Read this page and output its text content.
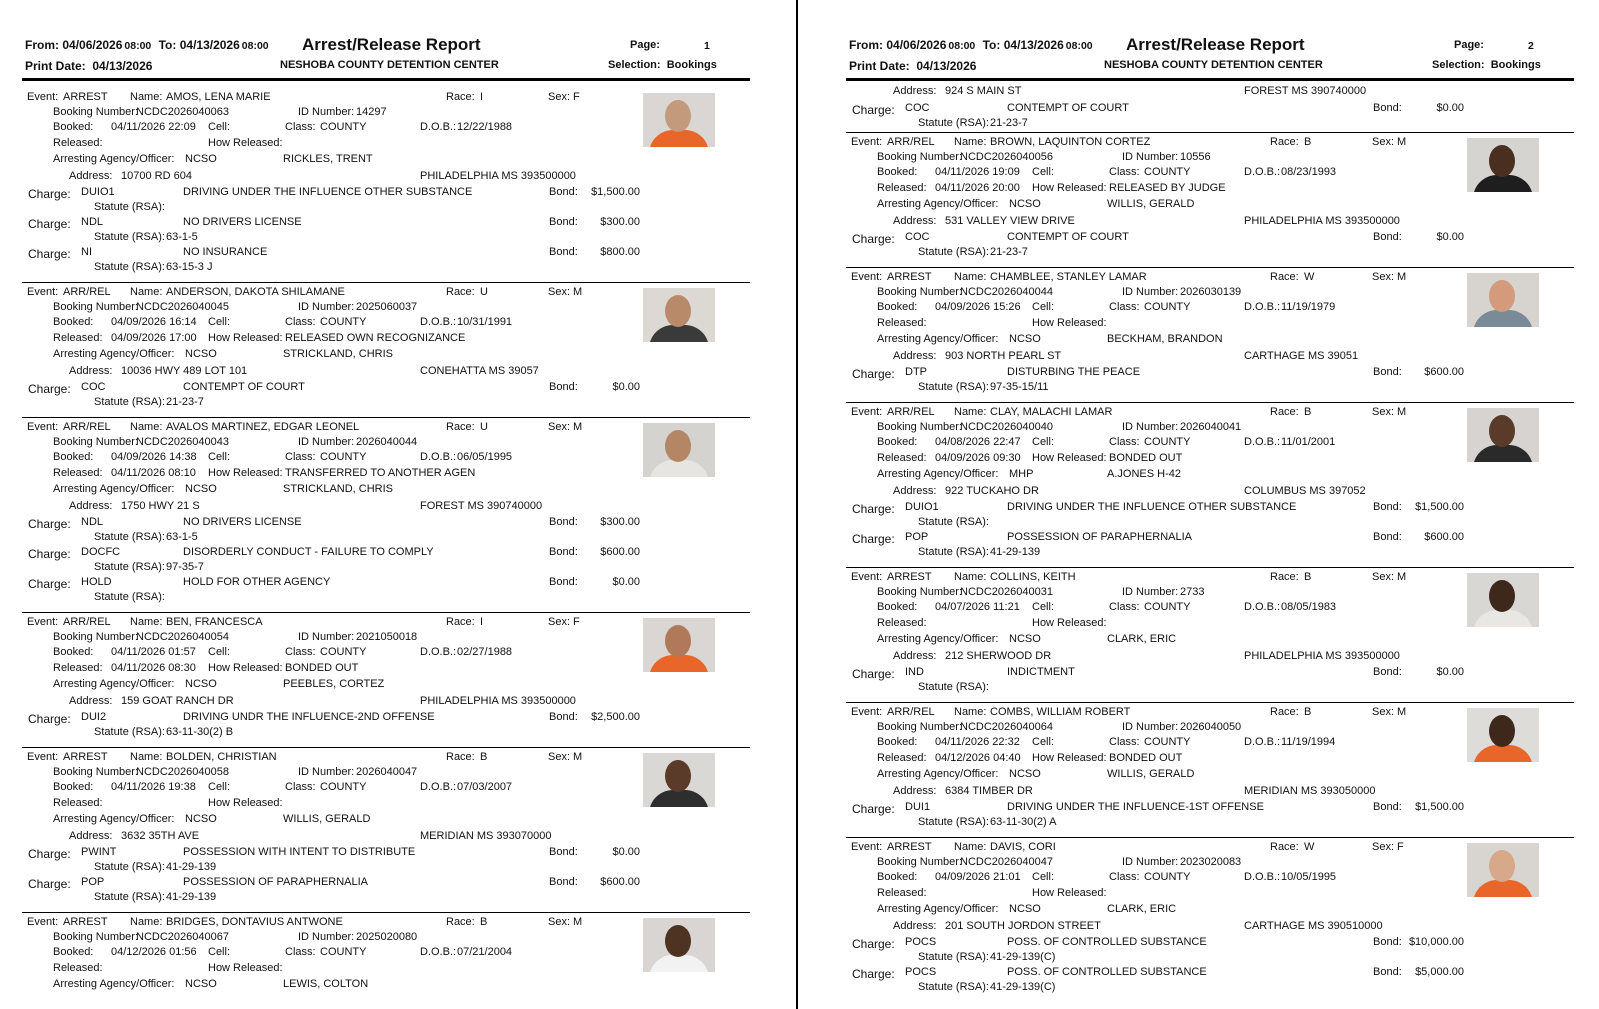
From: 04/06/2026 08:00 To: 04/13/2026 08:00 Arrest/Release Report	Page:	1
Print Date: 04/13/2026	NESHOBA COUNTY DETENTION CENTER	Selection: Bookings
Event: ARREST Name: AMOS, LENA MARIE	Race: I	Sex: F
Booking Number:
NCDC2026040063	ID Number: 14297
Booked: 04/11/2026 22:09 Cell:	Class: COUNTY	D.O.B.: 12/22/1988
Released:	How Released:
Arresting Agency/Officer: NCSO	RICKLES, TRENT
Address: 10700 RD 604	PHILADELPHIA MS 393500000
Charge: DUIO1	DRIVING UNDER THE INFLUENCE OTHER SUBSTANCE	Bond: $1,500.00
Statute (RSA):
Charge: NDL	NO DRIVERS LICENSE	Bond: $300.00
Statute (RSA): 63-1-5
Charge: NI	NO INSURANCE	Bond: $800.00
Statute (RSA): 63-15-3 J
Event: ARR/REL Name: ANDERSON, DAKOTA SHILAMANE	Race: U	Sex: M
Booking Number:
NCDC2026040045	ID Number: 2025060037
Booked: 04/09/2026 16:14 Cell:	Class: COUNTY	D.O.B.: 10/31/1991
Released: 04/09/2026 17:00 How Released: RELEASED OWN RECOGNIZANCE
Arresting Agency/Officer: NCSO	STRICKLAND, CHRIS
Address: 10036 HWY 489 LOT 101	CONEHATTA MS 39057
Charge: COC	CONTEMPT OF COURT	Bond:	$0.00
Statute (RSA): 21-23-7
Event: ARR/REL Name: AVALOS MARTINEZ, EDGAR LEONEL	Race: U	Sex: M
Booking Number:
NCDC2026040043	ID Number: 2026040044
Booked: 04/09/2026 14:38 Cell:	Class: COUNTY	D.O.B.: 06/05/1995
Released: 04/11/2026 08:10 How Released: TRANSFERRED TO ANOTHER AGEN
Arresting Agency/Officer: NCSO	STRICKLAND, CHRIS
Address: 1750 HWY 21 S	FOREST MS 390740000
Charge: NDL	NO DRIVERS LICENSE	Bond: $300.00
Statute (RSA): 63-1-5
Charge: DOCFC	DISORDERLY CONDUCT - FAILURE TO COMPLY	Bond: $600.00
Statute (RSA): 97-35-7
Charge: HOLD	HOLD FOR OTHER AGENCY	Bond:	$0.00
Statute (RSA):
Event: ARR/REL Name: BEN, FRANCESCA	Race: I	Sex: F
Booking Number:
NCDC2026040054	ID Number: 2021050018
Booked: 04/11/2026 01:57 Cell:	Class: COUNTY	D.O.B.: 02/27/1988
Released: 04/11/2026 08:30 How Released: BONDED OUT
Arresting Agency/Officer: NCSO	PEEBLES, CORTEZ
Address: 159 GOAT RANCH DR	PHILADELPHIA MS 393500000
Charge: DUI2	DRIVING UNDR THE INFLUENCE-2ND OFFENSE	Bond: $2,500.00
Statute (RSA): 63-11-30(2) B
Event: ARREST Name: BOLDEN, CHRISTIAN	Race: B	Sex: M
Booking Number:
NCDC2026040058	ID Number: 2026040047
Booked: 04/11/2026 19:38 Cell:	Class: COUNTY	D.O.B.: 07/03/2007
Released:	How Released:
Arresting Agency/Officer: NCSO	WILLIS, GERALD
Address: 3632 35TH AVE	MERIDIAN MS 393070000
Charge: PWINT	POSSESSION WITH INTENT TO DISTRIBUTE	Bond:	$0.00
Statute (RSA): 41-29-139
Charge: POP	POSSESSION OF PARAPHERNALIA	Bond: $600.00
Statute (RSA): 41-29-139
Event: ARREST Name: BRIDGES, DONTAVIUS ANTWONE	Race: B	Sex: M
Booking Number:
NCDC2026040067	ID Number: 2025020080
Booked: 04/12/2026 01:56 Cell:	Class: COUNTY	D.O.B.: 07/21/2004
Released:	How Released:
Arresting Agency/Officer: NCSO	LEWIS, COLTON
From: 04/06/2026 08:00 To: 04/13/2026 08:00 Arrest/Release Report	Page:	2
Print Date: 04/13/2026	NESHOBA COUNTY DETENTION CENTER	Selection: Bookings
Address: 924 S MAIN ST	FOREST MS 390740000
Charge: COC	CONTEMPT OF COURT	Bond:	$0.00
Statute (RSA): 21-23-7
Event: ARR/REL Name: BROWN, LAQUINTON CORTEZ	Race: B	Sex: M
Booking Number:
NCDC2026040056	ID Number: 10556
Booked: 04/11/2026 19:09 Cell:	Class: COUNTY	D.O.B.: 08/23/1993
Released: 04/11/2026 20:00 How Released: RELEASED BY JUDGE
Arresting Agency/Officer: NCSO	WILLIS, GERALD
Address: 531 VALLEY VIEW DRIVE	PHILADELPHIA MS 393500000
Charge: COC	CONTEMPT OF COURT	Bond:	$0.00
Statute (RSA): 21-23-7
Event: ARREST Name: CHAMBLEE, STANLEY LAMAR	Race: W	Sex: M
Booking Number:
NCDC2026040044	ID Number: 2026030139
Booked: 04/09/2026 15:26 Cell:	Class: COUNTY	D.O.B.: 11/19/1979
Released:	How Released:
Arresting Agency/Officer: NCSO	BECKHAM, BRANDON
Address: 903 NORTH PEARL ST	CARTHAGE MS 39051
Charge: DTP	DISTURBING THE PEACE	Bond: $600.00
Statute (RSA): 97-35-15/11
Event: ARR/REL Name: CLAY, MALACHI LAMAR	Race: B	Sex: M
Booking Number:
NCDC2026040040	ID Number: 2026040041
Booked: 04/08/2026 22:47 Cell:	Class: COUNTY	D.O.B.: 11/01/2001
Released: 04/09/2026 09:30 How Released: BONDED OUT
Arresting Agency/Officer: MHP	A.JONES H-42
Address: 922 TUCKAHO DR	COLUMBUS MS 397052
Charge: DUIO1	DRIVING UNDER THE INFLUENCE OTHER SUBSTANCE	Bond: $1,500.00
Statute (RSA):
Charge: POP	POSSESSION OF PARAPHERNALIA	Bond: $600.00
Statute (RSA): 41-29-139
Event: ARREST Name: COLLINS, KEITH	Race: B	Sex: M
Booking Number:
NCDC2026040031	ID Number: 2733
Booked: 04/07/2026 11:21 Cell:	Class: COUNTY	D.O.B.: 08/05/1983
Released:	How Released:
Arresting Agency/Officer: NCSO	CLARK, ERIC
Address: 212 SHERWOOD DR	PHILADELPHIA MS 393500000
Charge: IND	INDICTMENT	Bond:	$0.00
Statute (RSA):
Event: ARR/REL Name: COMBS, WILLIAM ROBERT	Race: B	Sex: M
Booking Number:
NCDC2026040064	ID Number: 2026040050
Booked: 04/11/2026 22:32 Cell:	Class: COUNTY	D.O.B.: 11/19/1994
Released: 04/12/2026 04:40 How Released: BONDED OUT
Arresting Agency/Officer: NCSO	WILLIS, GERALD
Address: 6384 TIMBER DR	MERIDIAN MS 393050000
Charge: DUI1	DRIVING UNDER THE INFLUENCE-1ST OFFENSE	Bond: $1,500.00
Statute (RSA): 63-11-30(2) A
Event: ARREST Name: DAVIS, CORI	Race: W	Sex: F
Booking Number:
NCDC2026040047	ID Number: 2023020083
Booked: 04/09/2026 21:01 Cell:	Class: COUNTY	D.O.B.: 10/05/1995
Released:	How Released:
Arresting Agency/Officer: NCSO	CLARK, ERIC
Address: 201 SOUTH JORDON STREET	CARTHAGE MS 390510000
Charge: POCS	POSS. OF CONTROLLED SUBSTANCE	Bond: $10,000.00
Statute (RSA): 41-29-139(C)
Charge: POCS	POSS. OF CONTROLLED SUBSTANCE	Bond: $5,000.00
Statute (RSA): 41-29-139(C)
